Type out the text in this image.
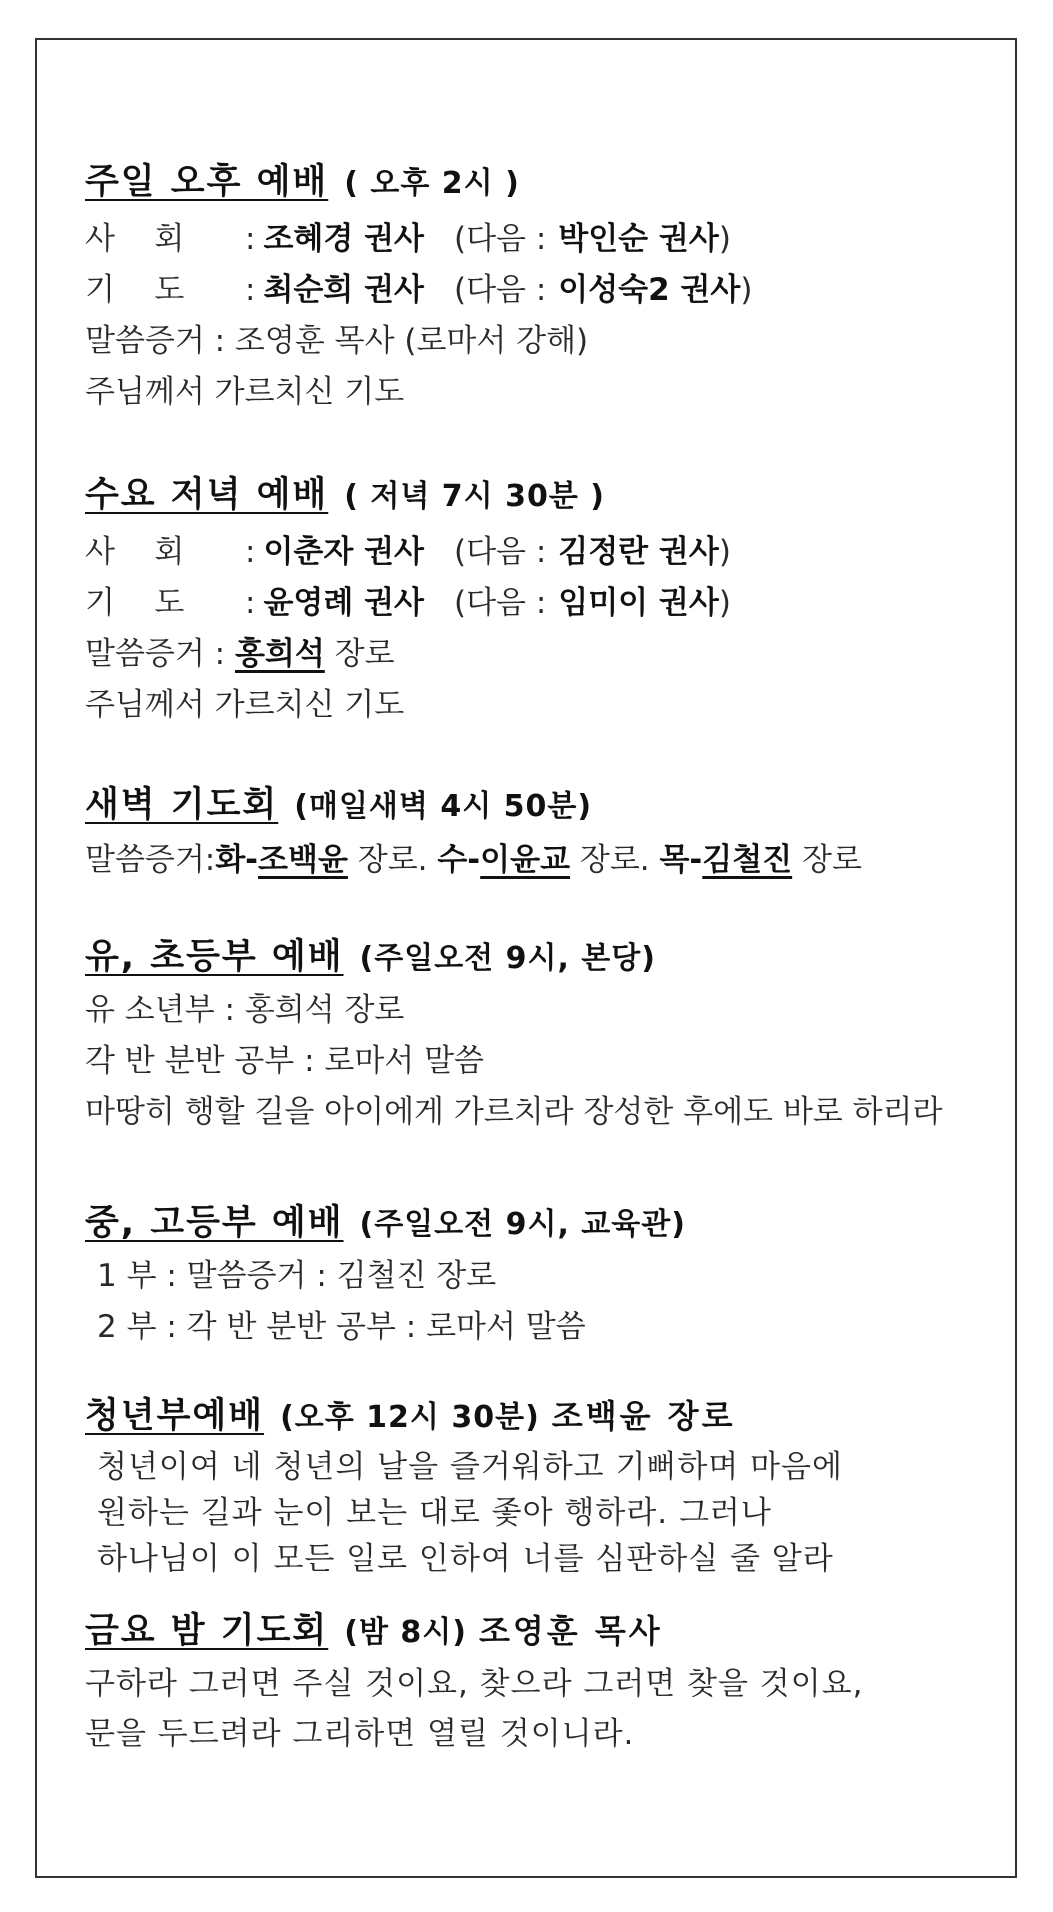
주일 오후 예배 ( 오후 2시 )
사    회 : 조혜경 권사 (다음 : 박인순 권사)
기    도 : 최순희 권사 (다음 : 이성숙2 권사)
말씀증거 : 조영훈 목사 (로마서 강해)
주님께서 가르치신 기도
수요 저녁 예배 ( 저녁 7시 30분 )
사    회 : 이춘자 권사 (다음 : 김정란 권사)
기    도 : 윤영례 권사 (다음 : 임미이 권사)
말씀증거 : 홍희석 장로
주님께서 가르치신 기도
새벽 기도회 (매일새벽 4시 50분)
말씀증거:화-조백윤 장로. 수-이윤교 장로. 목-김철진 장로
유, 초등부 예배 (주일오전 9시, 본당)
유 소년부 : 홍희석 장로
각 반 분반 공부 : 로마서 말씀
마땅히 행할 길을 아이에게 가르치라 장성한 후에도 바로 하리라
중, 고등부 예배 (주일오전 9시, 교육관)
1 부 : 말씀증거 : 김철진 장로
2 부 : 각 반 분반 공부 : 로마서 말씀
청년부예배 (오후 12시 30분) 조백윤 장로
청년이여 네 청년의 날을 즐거워하고 기뻐하며 마음에
원하는 길과 눈이 보는 대로 좇아 행하라. 그러나
하나님이 이 모든 일로 인하여 너를 심판하실 줄 알라
금요 밤 기도회 (밤 8시) 조영훈 목사
구하라 그러면 주실 것이요, 찾으라 그러면 찾을 것이요,
문을 두드려라 그리하면 열릴 것이니라.
